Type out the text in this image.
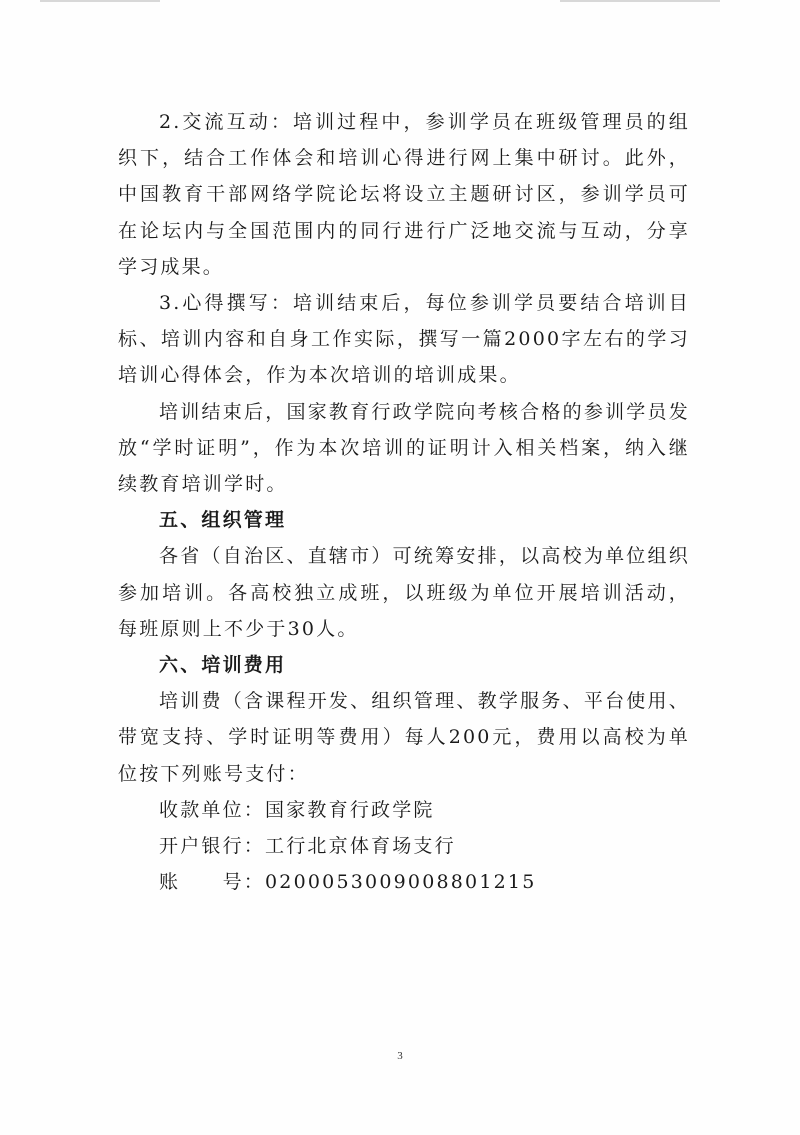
2.交流互动：培训过程中，参训学员在班级管理员的组织下，结合工作体会和培训心得进行网上集中研讨。此外，中国教育干部网络学院论坛将设立主题研讨区，参训学员可在论坛内与全国范围内的同行进行广泛地交流与互动，分享学习成果。

3.心得撰写：培训结束后，每位参训学员要结合培训目标、培训内容和自身工作实际，撰写一篇2000字左右的学习培训心得体会，作为本次培训的培训成果。

培训结束后，国家教育行政学院向考核合格的参训学员发放“学时证明”，作为本次培训的证明计入相关档案，纳入继续教育培训学时。

五、组织管理

各省（自治区、直辖市）可统筹安排，以高校为单位组织参加培训。各高校独立成班，以班级为单位开展培训活动，每班原则上不少于30人。

六、培训费用

培训费（含课程开发、组织管理、教学服务、平台使用、带宽支持、学时证明等费用）每人200元，费用以高校为单位按下列账号支付：

收款单位：国家教育行政学院

开户银行：工行北京体育场支行

账　　号：0200053009008801215

3
